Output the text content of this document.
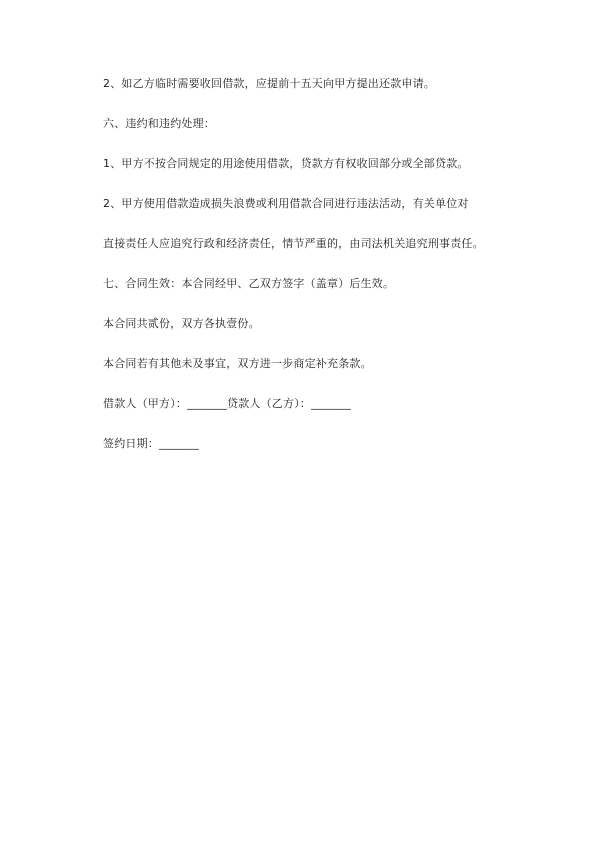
2、如乙方临时需要收回借款，应提前十五天向甲方提出还款申请。
六、违约和违约处理：
1、甲方不按合同规定的用途使用借款，贷款方有权收回部分或全部贷款。
2、甲方使用借款造成损失浪费或利用借款合同进行违法活动，有关单位对
直接责任人应追究行政和经济责任，情节严重的，由司法机关追究刑事责任。
七、合同生效：本合同经甲、乙双方签字（盖章）后生效。
本合同共贰份，双方各执壹份。
本合同若有其他未及事宜，双方进一步商定补充条款。
借款人（甲方）：_______贷款人（乙方）：_______
签约日期：_______
